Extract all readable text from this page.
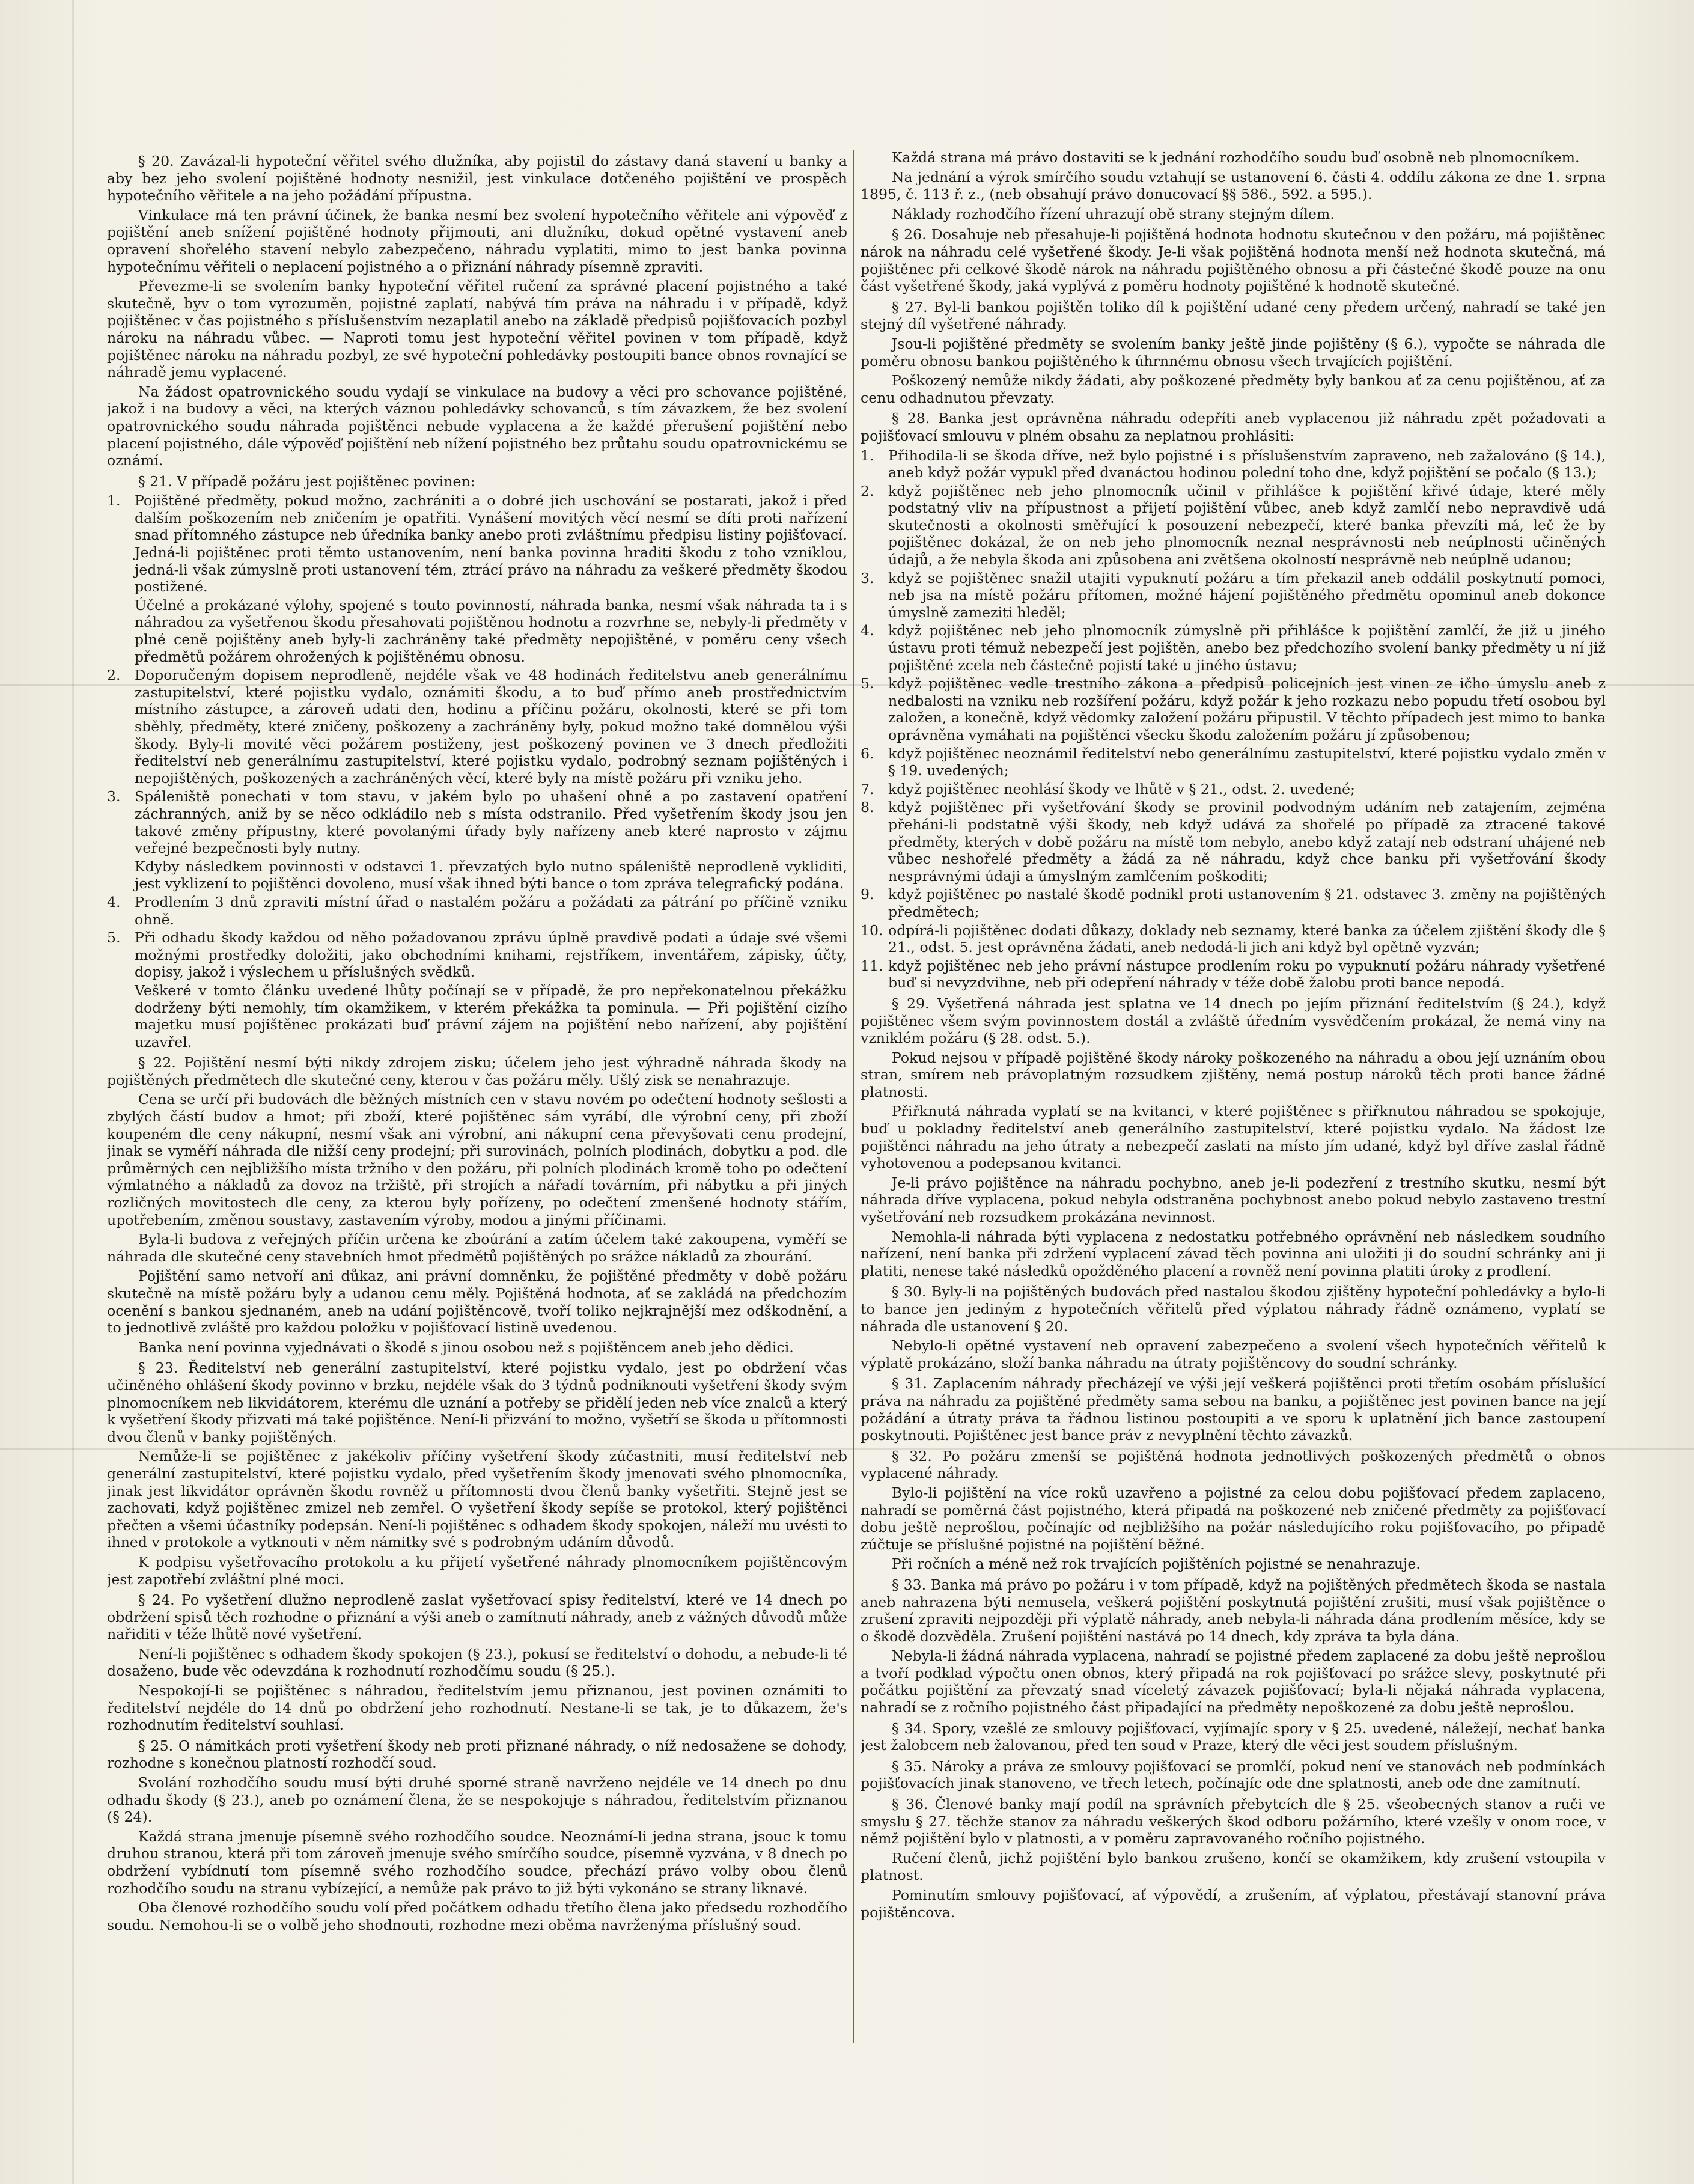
§ 20. Zavázal-li hypoteční věřitel svého dlužníka, aby pojistil do zástavy daná stavení u banky a aby bez jeho svolení pojištěné hodnoty nesnižil, jest vinkulace dotčeného pojištění ve prospěch hypotečního věřitele a na jeho požádání přípustna.

Vinkulace má ten právní účinek, že banka nesmí bez svolení hypotečního věřitele ani výpověď z pojištění aneb snížení pojištěné hodnoty přijmouti, ani dlužníku, dokud opětné vystavení aneb opravení shořelého stavení nebylo zabezpečeno, náhradu vyplatiti, mimo to jest banka povinna hypotečnímu věřiteli o neplacení pojistného a o přiznání náhrady písemně zpraviti.

Převezme-li se svolením banky hypoteční věřitel ručení za správné placení pojistného a také skutečně, byv o tom vyrozuměn, pojistné zaplatí, nabývá tím práva na náhradu i v případě, když pojištěnec v čas pojistného s příslušenstvím nezaplatil anebo na základě předpisů pojišťovacích pozbyl nároku na náhradu vůbec. — Naproti tomu jest hypoteční věřitel povinen v tom případě, když pojištěnec nároku na náhradu pozbyl, ze své hypoteční pohledávky postoupiti bance obnos rovnající se náhradě jemu vyplacené.

Na žádost opatrovnického soudu vydají se vinkulace na budovy a věci pro schovance pojištěné, jakož i na budovy a věci, na kterých váznou pohledávky schovanců, s tím závazkem, že bez svolení opatrovnického soudu náhrada pojištěnci nebude vyplacena a že každé přerušení pojištění nebo placení pojistného, dále výpověď pojištění neb nížení pojistného bez průtahu soudu opatrovnickému se oznámí.

§ 21. V případě požáru jest pojištěnec povinen:

1. Pojištěné předměty, pokud možno, zachrániti a o dobré jich uschování se postarati, jakož i před dalším poškozením neb zničením je opatřiti. Vynášení movitých věcí nesmí se díti proti nařízení snad přítomného zástupce neb úředníka banky anebo proti zvláštnímu předpisu listiny pojišťovací. Jedná-li pojištěnec proti těmto ustanovením, není banka povinna hraditi škodu z toho vzniklou, jedná-li však zúmyslně proti ustanovení tém, ztrácí právo na náhradu za veškeré předměty škodou postižené.
Účelné a prokázané výlohy, spojené s touto povinností, náhrada banka, nesmí však náhrada ta i s náhradou za vyšetřenou škodu přesahovati pojištěnou hodnotu a rozvrhne se, nebyly-li předměty v plné ceně pojištěny aneb byly-li zachráněny také předměty nepojištěné, v poměru ceny všech předmětů požárem ohrožených k pojištěnému obnosu.
2. Doporučeným dopisem neprodleně, nejdéle však ve 48 hodinách ředitelstvu aneb generálnímu zastupitelství, které pojistku vydalo, oznámiti škodu, a to buď přímo aneb prostřednictvím místního zástupce, a zároveň udati den, hodinu a příčinu požáru, okolnosti, které se při tom sběhly, předměty, které zničeny, poškozeny a zachráněny byly, pokud možno také domnělou výši škody. Byly-li movité věci požárem postiženy, jest poškozený povinen ve 3 dnech předložiti ředitelství neb generálnímu zastupitelství, které pojistku vydalo, podrobný seznam pojištěných i nepojištěných, poškozených a zachráněných věcí, které byly na místě požáru při vzniku jeho.
3. Spáleniště ponechati v tom stavu, v jakém bylo po uhašení ohně a po zastavení opatření záchranných, aniž by se něco odkládilo neb s místa odstranilo. Před vyšetřením škody jsou jen takové změny přípustny, které povolanými úřady byly nařízeny aneb které naprosto v zájmu veřejné bezpečnosti byly nutny.
Kdyby následkem povinnosti v odstavci 1. převzatých bylo nutno spáleniště neprodleně vykliditi, jest vyklizení to pojištěnci dovoleno, musí však ihned býti bance o tom zpráva telegrafický podána.
4. Prodlením 3 dnů zpraviti místní úřad o nastalém požáru a požádati za pátrání po příčině vzniku ohně.
5. Při odhadu škody každou od něho požadovanou zprávu úplně pravdivě podati a údaje své všemi možnými prostředky doložiti, jako obchodními knihami, rejstříkem, inventářem, zápisky, účty, dopisy, jakož i výslechem u příslušných svědků.
Veškeré v tomto článku uvedené lhůty počínají se v případě, že pro nepřekonatelnou překážku dodrženy býti nemohly, tím okamžikem, v kterém překážka ta pominula. — Při pojištění cizího majetku musí pojištěnec prokázati buď právní zájem na pojištění nebo nařízení, aby pojištění uzavřel.

§ 22. Pojištění nesmí býti nikdy zdrojem zisku; účelem jeho jest výhradně náhrada škody na pojištěných předmětech dle skutečné ceny, kterou v čas požáru měly. Ušlý zisk se nenahrazuje.

Cena se určí při budovách dle běžných místních cen v stavu novém po odečtení hodnoty sešlosti a zbylých částí budov a hmot; při zboží, které pojištěnec sám vyrábí, dle výrobní ceny, při zboží koupeném dle ceny nákupní, nesmí však ani výrobní, ani nákupní cena převyšovati cenu prodejní, jinak se vyměří náhrada dle nižší ceny prodejní; při surovinách, polních plodinách, dobytku a pod. dle průměrných cen nejbližšího místa tržního v den požáru, při polních plodinách kromě toho po odečtení výmlatného a nákladů za dovoz na tržiště, při strojích a nářadí továrním, při nábytku a při jiných rozličných movitostech dle ceny, za kterou byly pořízeny, po odečtení zmenšené hodnoty stářím, upotřebením, změnou soustavy, zastavením výroby, modou a jinými příčinami.

Byla-li budova z veřejných příčin určena ke zboúrání a zatím účelem také zakoupena, vyměří se náhrada dle skutečné ceny stavebních hmot předmětů pojištěných po srážce nákladů za zbourání.

Pojištění samo netvoří ani důkaz, ani právní domněnku, že pojištěné předměty v době požáru skutečně na místě požáru byly a udanou cenu měly. Pojištěná hodnota, ať se zakládá na předchozím ocenění s bankou sjednaném, aneb na udání pojištěncově, tvoří toliko nejkrajnější mez odškodnění, a to jednotlivě zvláště pro každou položku v pojišťovací listině uvedenou.

Banka není povinna vyjednávati o škodě s jinou osobou než s pojištěncem aneb jeho dědici.

§ 23. Ředitelství neb generální zastupitelství, které pojistku vydalo, jest po obdržení včas učiněného ohlášení škody povinno v brzku, nejdéle však do 3 týdnů podniknouti vyšetření škody svým plnomocníkem neb likvidátorem, kterému dle uznání a potřeby se přidělí jeden neb více znalců a který k vyšetření škody přizvati má také pojištěnce. Není-li přizvání to možno, vyšetří se škoda u přítomnosti dvou členů v banky pojištěných.

Nemůže-li se pojištěnec z jakékoliv příčiny vyšetření škody zúčastniti, musí ředitelství neb generální zastupitelství, které pojistku vydalo, před vyšetřením škody jmenovati svého plnomocníka, jinak jest likvidátor oprávněn škodu rovněž u přítomnosti dvou členů banky vyšetřiti. Stejně jest se zachovati, když pojištěnec zmizel neb zemřel. O vyšetření škody sepíše se protokol, který pojištěnci přečten a všemi účastníky podepsán. Není-li pojištěnec s odhadem škody spokojen, náleží mu uvésti to ihned v protokole a vytknouti v něm námitky své s podrobným udáním důvodů.

K podpisu vyšetřovacího protokolu a ku přijetí vyšetřené náhrady plnomocníkem pojištěncovým jest zapotřebí zvláštní plné moci.

§ 24. Po vyšetření dlužno neprodleně zaslat vyšetřovací spisy ředitelství, které ve 14 dnech po obdržení spisů těch rozhodne o přiznání a výši aneb o zamítnutí náhrady, aneb z vážných důvodů může nařiditi v téže lhůtě nové vyšetření.

Není-li pojištěnec s odhadem škody spokojen (§ 23.), pokusí se ředitelství o dohodu, a nebude-li té dosaženo, bude věc odevzdána k rozhodnutí rozhodčímu soudu (§ 25.).

Nespokojí-li se pojištěnec s náhradou, ředitelstvím jemu přiznanou, jest povinen oznámiti to ředitelství nejdéle do 14 dnů po obdržení jeho rozhodnutí. Nestane-li se tak, je to důkazem, že's rozhodnutím ředitelství souhlasí.

§ 25. O námitkách proti vyšetření škody neb proti přiznané náhrady, o níž nedosažene se dohody, rozhodne s konečnou platností rozhodčí soud.

Svolání rozhodčího soudu musí býti druhé sporné straně navrženo nejdéle ve 14 dnech po dnu odhadu škody (§ 23.), aneb po oznámení členа, že se nespokojuje s náhradou, ředitelstvím přiznanou (§ 24).

Každá strana jmenuje písemně svého rozhodčího soudce. Neoznámí-li jedna strana, jsouc k tomu druhou stranou, která při tom zároveň jmenuje svého smírčího soudce, písemně vyzvána, v 8 dnech po obdržení vybídnutí tom písemně svého rozhodčího soudce, přechází právo volby obou členů rozhodčího soudu na stranu vybízející, a nemůže pak právo to již býti vykonáno se strany liknavé.

Oba členové rozhodčího soudu volí před počátkem odhadu třetího člena jako předsedu rozhodčího soudu. Nemohou-li se o volbě jeho shodnouti, rozhodne mezi oběma navrženýma příslušný soud.

Každá strana má právo dostaviti se k jednání rozhodčího soudu buď osobně neb plnomocníkem.

Na jednání a výrok smírčího soudu vztahují se ustanovení 6. části 4. oddílu zákona ze dne 1. srpna 1895, č. 113 ř. z., (neb obsahují právo donucovací §§ 586., 592. a 595.).

Náklady rozhodčího řízení uhrazují obě strany stejným dílem.

§ 26. Dosahuje neb přesahuje-li pojištěná hodnota hodnotu skutečnou v den požáru, má pojištěnec nárok na náhradu celé vyšetřené škody. Je-li však pojištěná hodnota menší než hodnota skutečná, má pojištěnec při celkové škodě nárok na náhradu pojištěného obnosu a při částečné škodě pouze na onu část vyšetřené škody, jaká vyplývá z poměru hodnoty pojištěné k hodnotě skutečné.

§ 27. Byl-li bankou pojištěn toliko díl k pojištění udané ceny předem určený, nahradí se také jen stejný díl vyšetřené náhrady.

Jsou-li pojištěné předměty se svolením banky ještě jinde pojištěny (§ 6.), vypočte se náhrada dle poměru obnosu bankou pojištěného k úhrnnému obnosu všech trvajících pojištění.

Poškozený nemůže nikdy žádati, aby poškozené předměty byly bankou ať za cenu pojištěnou, ať za cenu odhadnutou převzaty.

§ 28. Banka jest oprávněna náhradu odepříti aneb vyplacenou již náhradu zpět požadovati a pojišťovací smlouvu v plném obsahu za neplatnou prohlásiti:

1. Přihodila-li se škoda dříve, než bylo pojistné i s příslušenstvím zapraveno, neb zažalováno (§ 14.), aneb když požár vypukl před dvanáctou hodinou polední toho dne, když pojištění se počalo (§ 13.);
2. když pojištěnec neb jeho plnomocník učinil v přihlášce k pojištění křivé údaje, které měly podstatný vliv na přípustnost a přijetí pojištění vůbec, aneb když zamlčí nebo nepravdivě udá skutečnosti a okolnosti směřující k posouzení nebezpečí, které banka převzíti má, leč že by pojištěnec dokázal, že on neb jeho plnomocník neznal nesprávnosti neb neúplnosti učiněných údajů, a že nebyla škoda ani způsobena ani zvětšena okolností nesprávně neb neúplně udanou;
3. když se pojištěnec snažil utajiti vypuknutí požáru a tím překazil aneb oddálil poskytnutí pomoci, neb jsa na místě požáru přítomen, možné hájení pojištěného předmětu opominul aneb dokonce úmyslně zameziti hleděl;
4. když pojištěnec neb jeho plnomocník zúmyslně při přihlášce k pojištění zamlčí, že již u jiného ústavu proti témuž nebezpečí jest pojištěn, anebo bez předchozího svolení banky předměty u ní již pojištěné zcela neb částečně pojistí také u jiného ústavu;
5. když pojištěnec vedle trestního zákona a předpisů policejních jest vinen ze ičho úmyslu aneb z nedbalosti na vzniku neb rozšíření požáru, když požár k jeho rozkazu nebo popudu třetí osobou byl založen, a konečně, když vědomky založení požáru připustil. V těchto případech jest mimo to banka oprávněna vymáhati na pojištěnci všecku škodu založením požáru jí způsobenou;
6. když pojištěnec neoznámil ředitelství nebo generálnímu zastupitelství, které pojistku vydalo změn v § 19. uvedených;
7. když pojištěnec neohlásí škody ve lhůtě v § 21., odst. 2. uvedené;
8. když pojištěnec při vyšetřování škody se provinil podvodným udáním neb zatajením, zejména přeháni-li podstatně výši škody, neb když udává za shořelé po případě za ztracené takové předměty, kterých v době požáru na místě tom nebylo, anebo když zatají neb odstraní uhájené neb vůbec neshořelé předměty a žádá za ně náhradu, když chce banku při vyšetřování škody nesprávnými údaji a úmyslným zamlčením poškoditi;
9. když pojištěnec po nastalé škodě podnikl proti ustanovením § 21. odstavec 3. změny na pojištěných předmětech;
10. odpírá-li pojištěnec dodati důkazy, doklady neb seznamy, které banka za účelem zjištění škody dle § 21., odst. 5. jest oprávněna žádati, aneb nedodá-li jich ani když byl opětně vyzván;
11. když pojištěnec neb jeho právní nástupce prodlením roku po vypuknutí požáru náhrady vyšetřené buď si nevyzdvihne, neb při odepření náhrady v téže době žalobu proti bance nepodá.

§ 29. Vyšetřená náhrada jest splatna ve 14 dnech po jejím přiznání ředitelstvím (§ 24.), když pojištěnec všem svým povinnostem dostál a zvláště úředním vysvědčením prokázal, že nemá viny na vzniklém požáru (§ 28. odst. 5.).

Pokud nejsou v případě pojištěné škody nároky poškozeného na náhradu a obou její uznáním obou stran, smírem neb právoplatným rozsudkem zjištěny, nemá postup nároků těch proti bance žádné platnosti.

Přiřknutá náhrada vyplatí se na kvitanci, v které pojištěnec s přiřknutou náhradou se spokojuje, buď u pokladny ředitelství aneb generálního zastupitelství, které pojistku vydalo. Na žádost lze pojištěnci náhradu na jeho útraty a nebezpečí zaslati na místo jím udané, když byl dříve zaslal řádně vyhotovenou a podepsanou kvitanci.

Je-li právo pojištěnce na náhradu pochybno, aneb je-li podezření z trestního skutku, nesmí být náhrada dříve vyplacena, pokud nebyla odstraněna pochybnost anebo pokud nebylo zastaveno trestní vyšetřování neb rozsudkem prokázána nevinnost.

Nemohla-li náhrada býti vyplacena z nedostatku potřebného oprávnění neb následkem soudního nařízení, není banka při zdržení vyplacení závad těch povinna ani uložiti ji do soudní schránky ani ji platiti, nenese také následků opožděného placení a rovněž není povinna platiti úroky z prodlení.

§ 30. Byly-li na pojištěných budovách před nastalou škodou zjištěny hypoteční pohledávky a bylo-li to bance jen jediným z hypotečních věřitelů před výplatou náhrady řádně oznámeno, vyplatí se náhrada dle ustanovení § 20.

Nebylo-li opětné vystavení neb opravení zabezpečeno a svolení všech hypotečních věřitelů k výplatě prokázáno, složí banka náhradu na útraty pojištěncovy do soudní schránky.

§ 31. Zaplacením náhrady přecházejí ve výši její veškerá pojištěnci proti třetím osobám příslušící práva na náhradu za pojištěné předměty sama sebou na banku, a pojištěnec jest povinen bance na její požádání a útraty práva ta řádnou listinou postoupiti a ve sporu k uplatnění jich bance zastoupení poskytnouti. Pojištěnec jest bance práv z nevyplnění těchto závazků.

§ 32. Po požáru zmenší se pojištěná hodnota jednotlivých poškozených předmětů o obnos vyplacené náhrady.

Bylo-li pojištění na více roků uzavřeno a pojistné za celou dobu pojišťovací předem zaplaceno, nahradí se poměrná část pojistného, která připadá na poškozené neb zničené předměty za pojišťovací dobu ještě neprošlou, počínajíc od nejbližšího na požár následujícího roku pojišťovacího, po připadě zúčtuje se příslušné pojistné na pojištění běžné.

Při ročních a méně než rok trvajících pojištěních pojistné se nenahrazuje.

§ 33. Banka má právo po požáru i v tom případě, když na pojištěných předmětech škoda se nastala aneb nahrazena býti nemusela, veškerá pojištění poskytnutá pojištění zrušiti, musí však pojištěnce o zrušení zpraviti nejpozději při výplatě náhrady, aneb nebyla-li náhrada dána prodlením měsíce, kdy se o škodě dozvěděla. Zrušení pojištění nastává po 14 dnech, kdy zpráva ta byla dána.

Nebyla-li žádná náhrada vyplacena, nahradí se pojistné předem zaplacené za dobu ještě neprošlou a tvoří podklad výpočtu onen obnos, který připadá na rok pojišťovací po srážce slevy, poskytnuté při počátku pojištění za převzatý snad víceletý závazek pojišťovací; byla-li nějaká náhrada vyplacena, nahradí se z ročního pojistného část připadající na předměty nepoškozené za dobu ještě neprošlou.

§ 34. Spory, vzešlé ze smlouvy pojišťovací, vyjímajíc spory v § 25. uvedené, náležejí, nechať banka jest žalobcem neb žalovanou, před ten soud v Praze, který dle věci jest soudem příslušným.

§ 35. Nároky a práva ze smlouvy pojišťovací se promlčí, pokud není ve stanovách neb podmínkách pojišťovacích jinak stanoveno, ve třech letech, počínajíc ode dne splatnosti, aneb ode dne zamítnutí.

§ 36. Členové banky mají podíl na správních přebytcích dle § 25. všeobecných stanov a ruči ve smyslu § 27. těchže stanov za náhradu veškerých škod odboru požárního, které vzešly v onom roce, v němž pojištění bylo v platnosti, a v poměru zapravovaného ročního pojistného.

Ručení členů, jichž pojištění bylo bankou zrušeno, končí se okamžikem, kdy zrušení vstoupila v platnost.

Pominutím smlouvy pojišťovací, ať výpovědí, a zrušením, ať výplatou, přestávají stanovní práva pojištěncova.
